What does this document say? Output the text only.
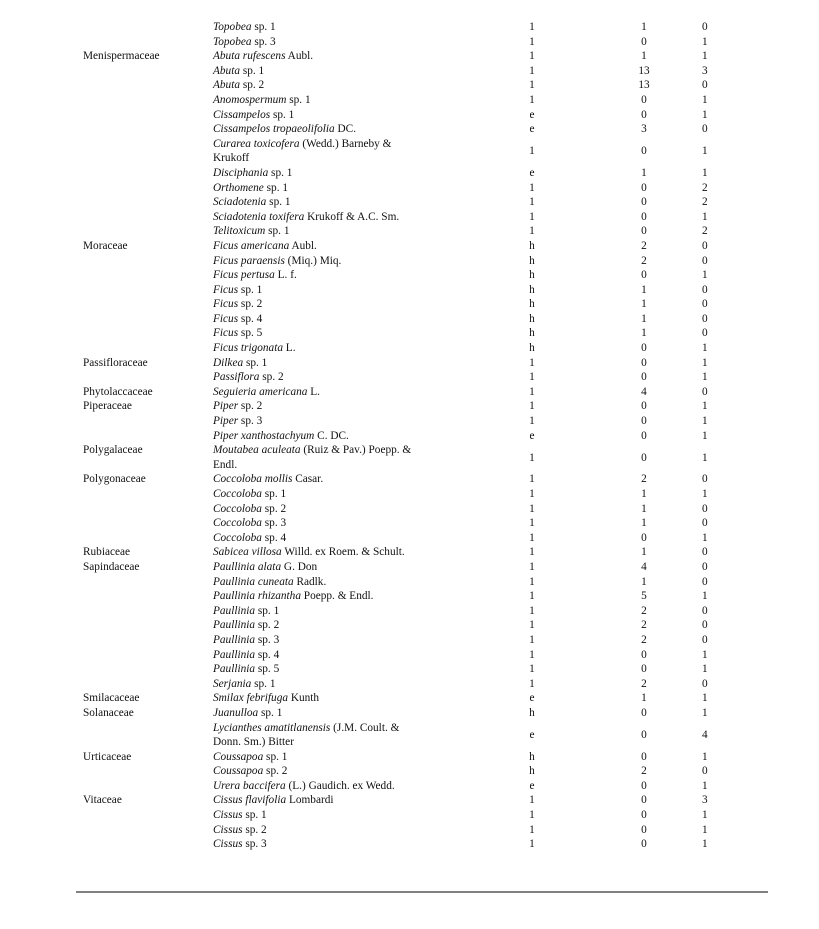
	Topobea sp. 1	1	1	0

	Topobea sp. 3	1	0	1
Menispermaceae	Abuta rufescens Aubl.	1	1	1

	Abuta sp. 1	1	13	3

	Abuta sp. 2	1	13	0

	Anomospermum sp. 1	1	0	1

	Cissampelos sp. 1	e	0	1

	Cissampelos tropaeolifolia DC.	e	3	0

	Curarea toxicofera (Wedd.) Barneby & Krukoff	1	0	1

	Disciphania sp. 1	e	1	1

	Orthomene sp. 1	1	0	2

	Sciadotenia sp. 1	1	0	2

	Sciadotenia toxifera Krukoff & A.C. Sm.	1	0	1

	Telitoxicum sp. 1	1	0	2
Moraceae	Ficus americana Aubl.	h	2	0

	Ficus paraensis (Miq.) Miq.	h	2	0

	Ficus pertusa L. f.	h	0	1

	Ficus sp. 1	h	1	0

	Ficus sp. 2	h	1	0

	Ficus sp. 4	h	1	0

	Ficus sp. 5	h	1	0

	Ficus trigonata L.	h	0	1
Passifloraceae	Dilkea sp. 1	1	0	1

	Passiflora sp. 2	1	0	1
Phytolaccaceae	Seguieria americana L.	1	4	0
Piperaceae	Piper sp. 2	1	0	1

	Piper sp. 3	1	0	1

	Piper xanthostachyum C. DC.	e	0	1
Polygalaceae	Moutabea aculeata (Ruiz & Pav.) Poepp. & Endl.	1	0	1
Polygonaceae	Coccoloba mollis Casar.	1	2	0

	Coccoloba sp. 1	1	1	1

	Coccoloba sp. 2	1	1	0

	Coccoloba sp. 3	1	1	0

	Coccoloba sp. 4	1	0	1
Rubiaceae	Sabicea villosa Willd. ex Roem. & Schult.	1	1	0
Sapindaceae	Paullinia alata G. Don	1	4	0

	Paullinia cuneata Radlk.	1	1	0

	Paullinia rhizantha Poepp. & Endl.	1	5	1

	Paullinia sp. 1	1	2	0

	Paullinia sp. 2	1	2	0

	Paullinia sp. 3	1	2	0

	Paullinia sp. 4	1	0	1

	Paullinia sp. 5	1	0	1

	Serjania sp. 1	1	2	0
Smilacaceae	Smilax febrifuga Kunth	e	1	1
Solanaceae	Juanulloa sp. 1	h	0	1

	Lycianthes amatitlanensis (J.M. Coult. & Donn. Sm.) Bitter	e	0	4
Urticaceae	Coussapoa sp. 1	h	0	1

	Coussapoa sp. 2	h	2	0

	Urera baccifera (L.) Gaudich. ex Wedd.	e	0	1
Vitaceae	Cissus flavifolia Lombardi	1	0	3

	Cissus sp. 1	1	0	1

	Cissus sp. 2	1	0	1

	Cissus sp. 3	1	0	1
